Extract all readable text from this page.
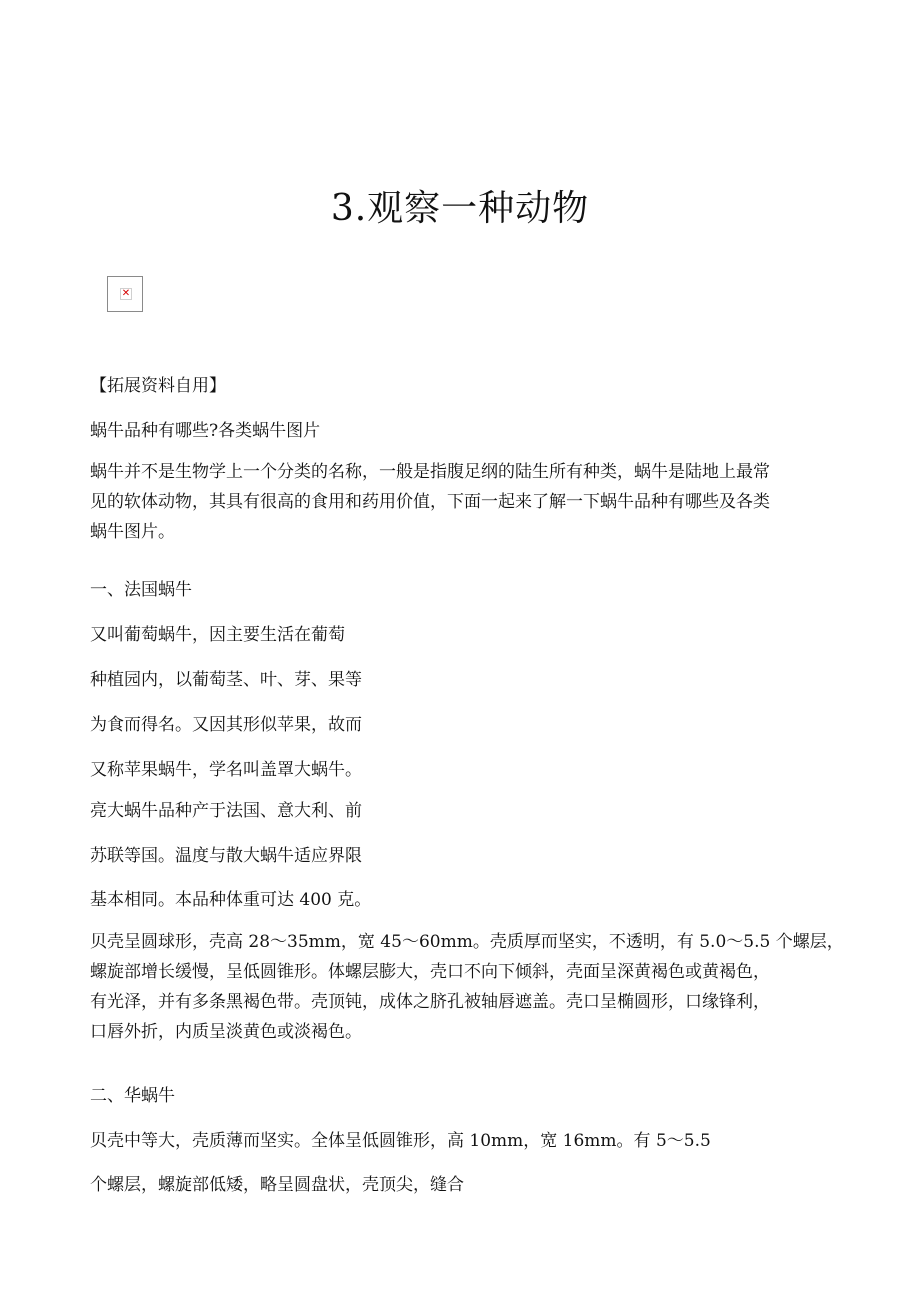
3.观察一种动物
✕

【拓展资料自用】

蜗牛品种有哪些?各类蜗牛图片

蜗牛并不是生物学上一个分类的名称，一般是指腹足纲的陆生所有种类，蜗牛是陆地上最常
见的软体动物，其具有很高的食用和药用价值，下面一起来了解一下蜗牛品种有哪些及各类
蜗牛图片。

一、法国蜗牛

又叫葡萄蜗牛，因主要生活在葡萄

种植园内，以葡萄茎、叶、芽、果等

为食而得名。又因其形似苹果，故而

又称苹果蜗牛，学名叫盖罩大蜗牛。

亮大蜗牛品种产于法国、意大利、前

苏联等国。温度与散大蜗牛适应界限

基本相同。本品种体重可达 400 克。

贝壳呈圆球形，壳高 28～35mm，宽 45～60mm。壳质厚而坚实，不透明，有 5.0～5.5 个螺层，
螺旋部增长缓慢，呈低圆锥形。体螺层膨大，壳口不向下倾斜，壳面呈深黄褐色或黄褐色，
有光泽，并有多条黑褐色带。壳顶钝，成体之脐孔被轴唇遮盖。壳口呈椭圆形，口缘锋利，
口唇外折，内质呈淡黄色或淡褐色。

二、华蜗牛

贝壳中等大，壳质薄而坚实。全体呈低圆锥形，高 10mm，宽 16mm。有 5～5.5

个螺层，螺旋部低矮，略呈圆盘状，壳顶尖，缝合
